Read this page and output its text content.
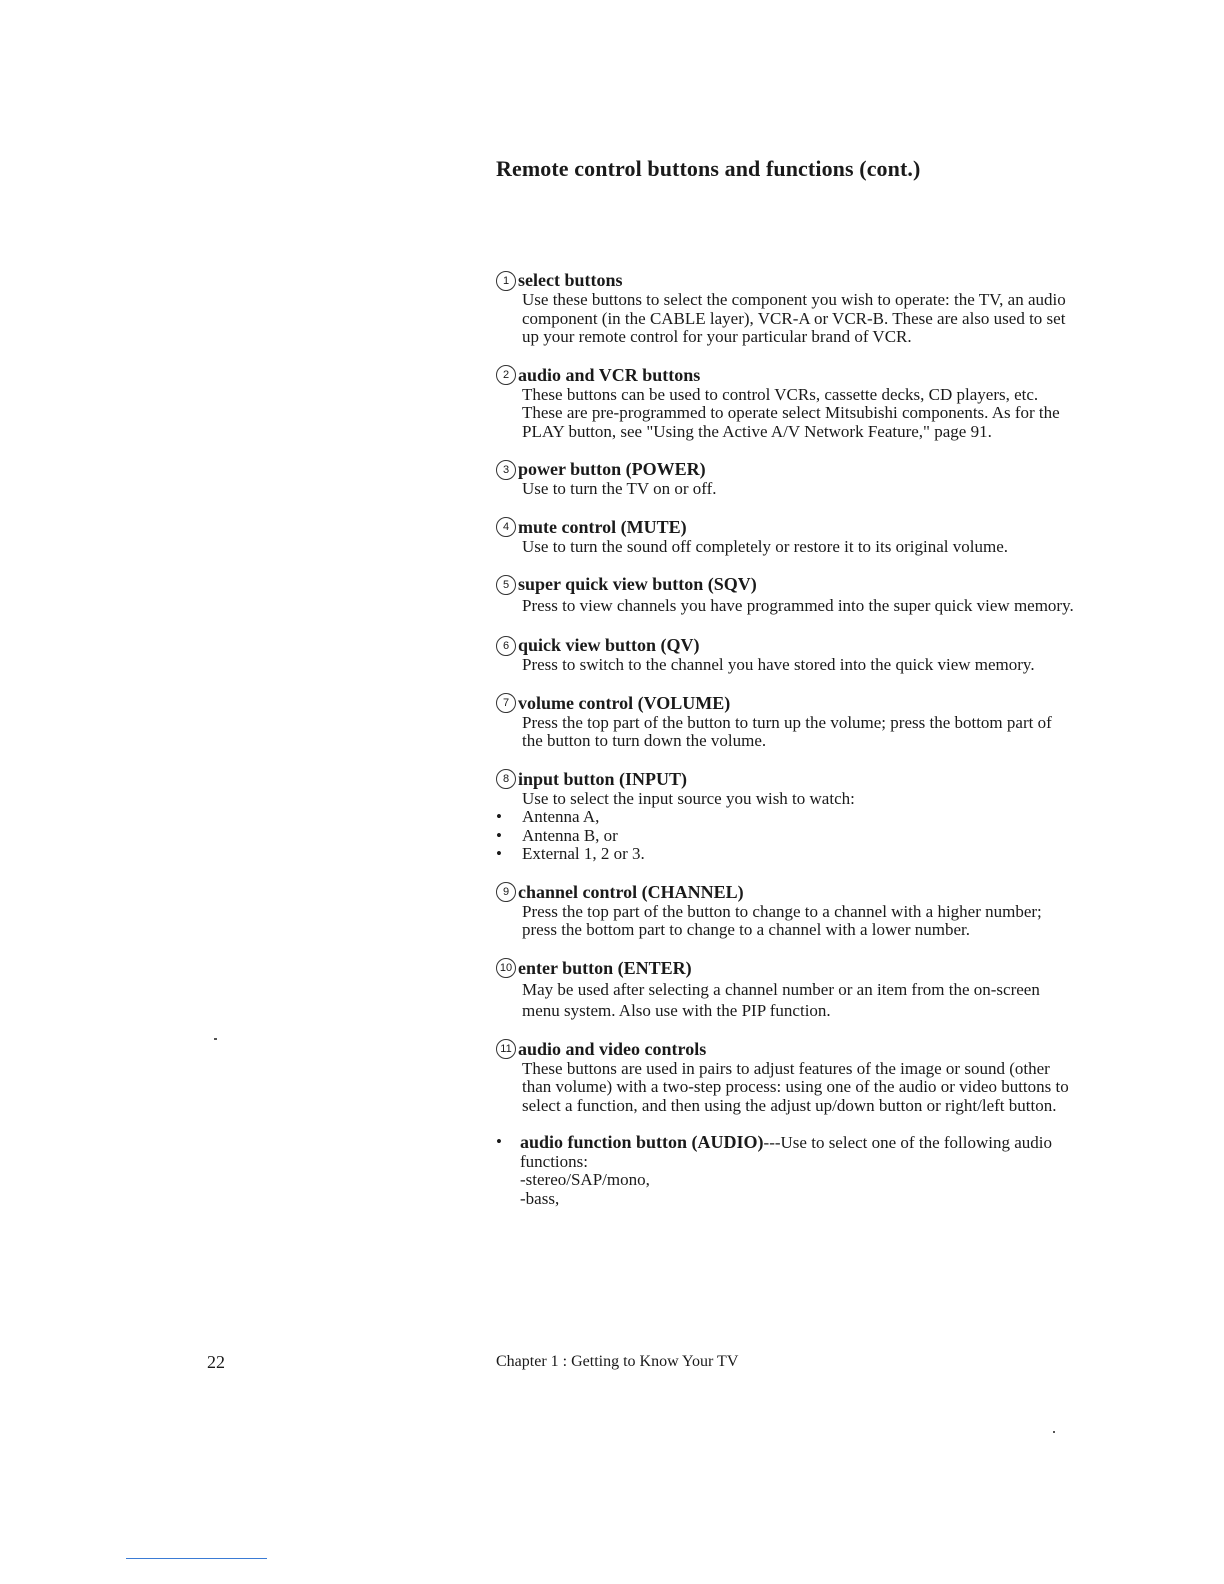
Remote control buttons and functions (cont.)
1 select buttons
Use these buttons to select the component you wish to operate: the TV, an audio component (in the CABLE layer), VCR-A or VCR-B. These are also used to set up your remote control for your particular brand of VCR.
2 audio and VCR buttons
These buttons can be used to control VCRs, cassette decks, CD players, etc. These are pre-programmed to operate select Mitsubishi components. As for the PLAY button, see "Using the Active A/V Network Feature," page 91.
3 power button (POWER)
Use to turn the TV on or off.
4 mute control (MUTE)
Use to turn the sound off completely or restore it to its original volume.
5 super quick view button (SQV)
Press to view channels you have programmed into the super quick view memory.
6 quick view button (QV)
Press to switch to the channel you have stored into the quick view memory.
7 volume control (VOLUME)
Press the top part of the button to turn up the volume; press the bottom part of the button to turn down the volume.
8 input button (INPUT)
Use to select the input source you wish to watch:
• Antenna A,
• Antenna B, or
• External 1, 2 or 3.
9 channel control (CHANNEL)
Press the top part of the button to change to a channel with a higher number; press the bottom part to change to a channel with a lower number.
10 enter button (ENTER)
May be used after selecting a channel number or an item from the on-screen menu system. Also use with the PIP function.
11 audio and video controls
These buttons are used in pairs to adjust features of the image or sound (other than volume) with a two-step process: using one of the audio or video buttons to select a function, and then using the adjust up/down button or right/left button.
• audio function button (AUDIO)---Use to select one of the following audio functions:
-stereo/SAP/mono,
-bass,
22	Chapter 1 : Getting to Know Your TV
